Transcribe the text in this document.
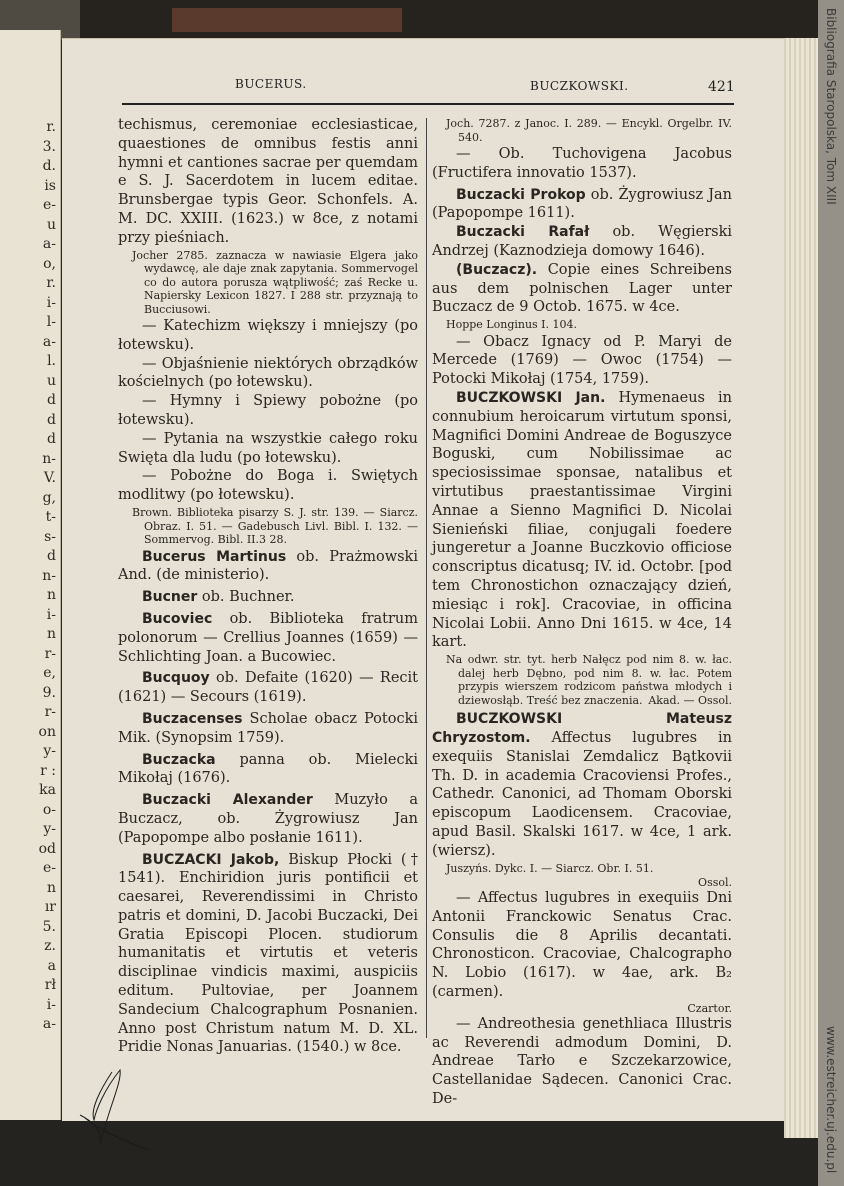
r.
3.
d.
is
e-
u
a-
o,
r.
i-
l-
a-
l.
u
d
d
d
n-
V.
g,
t-
s-
d
n-
n
i-
n
r-
e,
9.
r-
on
y-
r :
ka
o-
y-
od
e-
n
ır
5.
z.
a
rł
i-
a-
BUCERUS.	BUCZKOWSKI.	421

techismus, ceremoniae ecclesiasticae, quaestiones de omnibus festis anni hymni et cantiones sacrae per quemdam e S. J. Sacerdotem in lucem editae. Brunsbergae typis Geor. Schonfels. A. M. DC. XXIII. (1623.) w 8ce, z notami przy pieśniach.

Jocher 2785. zaznacza w nawiasie Elgera jako wydawcę, ale daje znak zapytania. Sommervogel co do autora porusza wątpliwość; zaś Recke u. Napiersky Lexicon 1827. I 288 str. przyznają to Bucciusowi.

— Katechizm większy i mniejszy (po łotewsku).

— Objaśnienie niektórych obrządków kościelnych (po łotewsku).

— Hymny i Spiewy pobożne (po łotewsku).

— Pytania na wszystkie całego roku Swięta dla ludu (po łotewsku).

— Pobożne do Boga i. Swiętych modlitwy (po łotewsku).

Brown. Biblioteka pisarzy S. J. str. 139. — Siarcz. Obraz. I. 51. — Gadebusch Livl. Bibl. I. 132. — Sommervog. Bibl. II.3 28.

Bucerus Martinus ob. Prażmowski And. (de ministerio).

Bucner ob. Buchner.

Bucoviec ob. Biblioteka fratrum polonorum — Crellius Joannes (1659) — Schlichting Joan. a Bucowiec.

Bucquoy ob. Defaite (1620) — Recit (1621) — Secours (1619).

Buczacenses Scholae obacz Potocki Mik. (Synopsim 1759).

Buczacka panna ob. Mielecki Mikołaj (1676).

Buczacki Alexander Muzyło a Buczacz, ob. Żygrowiusz Jan (Papopompe albo posłanie 1611).

BUCZACKI Jakob, Biskup Płocki († 1541). Enchiridion juris pontificii et caesarei, Reverendissimi in Christo patris et domini, D. Jacobi Buczacki, Dei Gratia Episcopi Plocen. studiorum humanitatis et virtutis et veteris disciplinae vindicis maximi, auspiciis editum. Pultoviae, per Joannem Sandecium Chalcographum Posnanien. Anno post Christum natum M. D. XL. Pridie Nonas Januarias. (1540.) w 8ce.

Joch. 7287. z Janoc. I. 289. — Encykl. Orgelbr. IV. 540.

— Ob. Tuchovigena Jacobus (Fructifera innovatio 1537).

Buczacki Prokop ob. Żygrowiusz Jan (Papopompe 1611).

Buczacki Rafał ob. Węgierski Andrzej (Kaznodzieja domowy 1646).

(Buczacz). Copie eines Schreibens aus dem polnischen Lager unter Buczacz de 9 Octob. 1675. w 4ce.

Hoppe Longinus I. 104.

— Obacz Ignacy od P. Maryi de Mercede (1769) — Owoc (1754) — Potocki Mikołaj (1754, 1759).

BUCZKOWSKI Jan. Hymenaeus in connubium heroicarum virtutum sponsi, Magnifici Domini Andreae de Boguszyce Boguski, cum Nobilissimae ac speciosissimae sponsae, natalibus et virtutibus praestantissimae Virgini Annae a Sienno Magnifici D. Nicolai Sienieński filiae, conjugali foedere jungeretur a Joanne Buczkovio officiose conscriptus dicatusq; IV. id. Octobr. [pod tem Chronostichon oznaczający dzień, miesiąc i rok]. Cracoviae, in officina Nicolai Lobii. Anno Dni 1615. w 4ce, 14 kart.

Na odwr. str. tyt. herb Nałęcz pod nim 8. w. łac. dalej herb Dębno, pod nim 8. w. łac. Potem przypis wierszem rodzicom państwa młodych i dziewosłąb. Treść bez znaczenia. Akad. — Ossol.

BUCZKOWSKI Mateusz Chryzostom. Affectus lugubres in exequiis Stanislai Zemdalicz Bątkovii Th. D. in academia Cracoviensi Profes., Cathedr. Canonici, ad Thomam Oborski episcopum Laodicensem. Cracoviae, apud Basil. Skalski 1617. w 4ce, 1 ark. (wiersz).

Juszyńs. Dykc. I. — Siarcz. Obr. I. 51.

Ossol.

— Affectus lugubres in exequiis Dni Antonii Franckowic Senatus Crac. Consulis die 8 Aprilis decantati. Chronosticon. Cracoviae, Chalcographo N. Lobio (1617). w 4ae, ark. B₂ (carmen).

Czartor.

— Andreothesia genethliaca Illustris ac Reverendi admodum Domini, D. Andreae Tarło e Szczekarzowice, Castellanidae Sądecen. Canonici Crac. De-

Bibliografia Staropolska, Tom XIII
www.estreicher.uj.edu.pl
